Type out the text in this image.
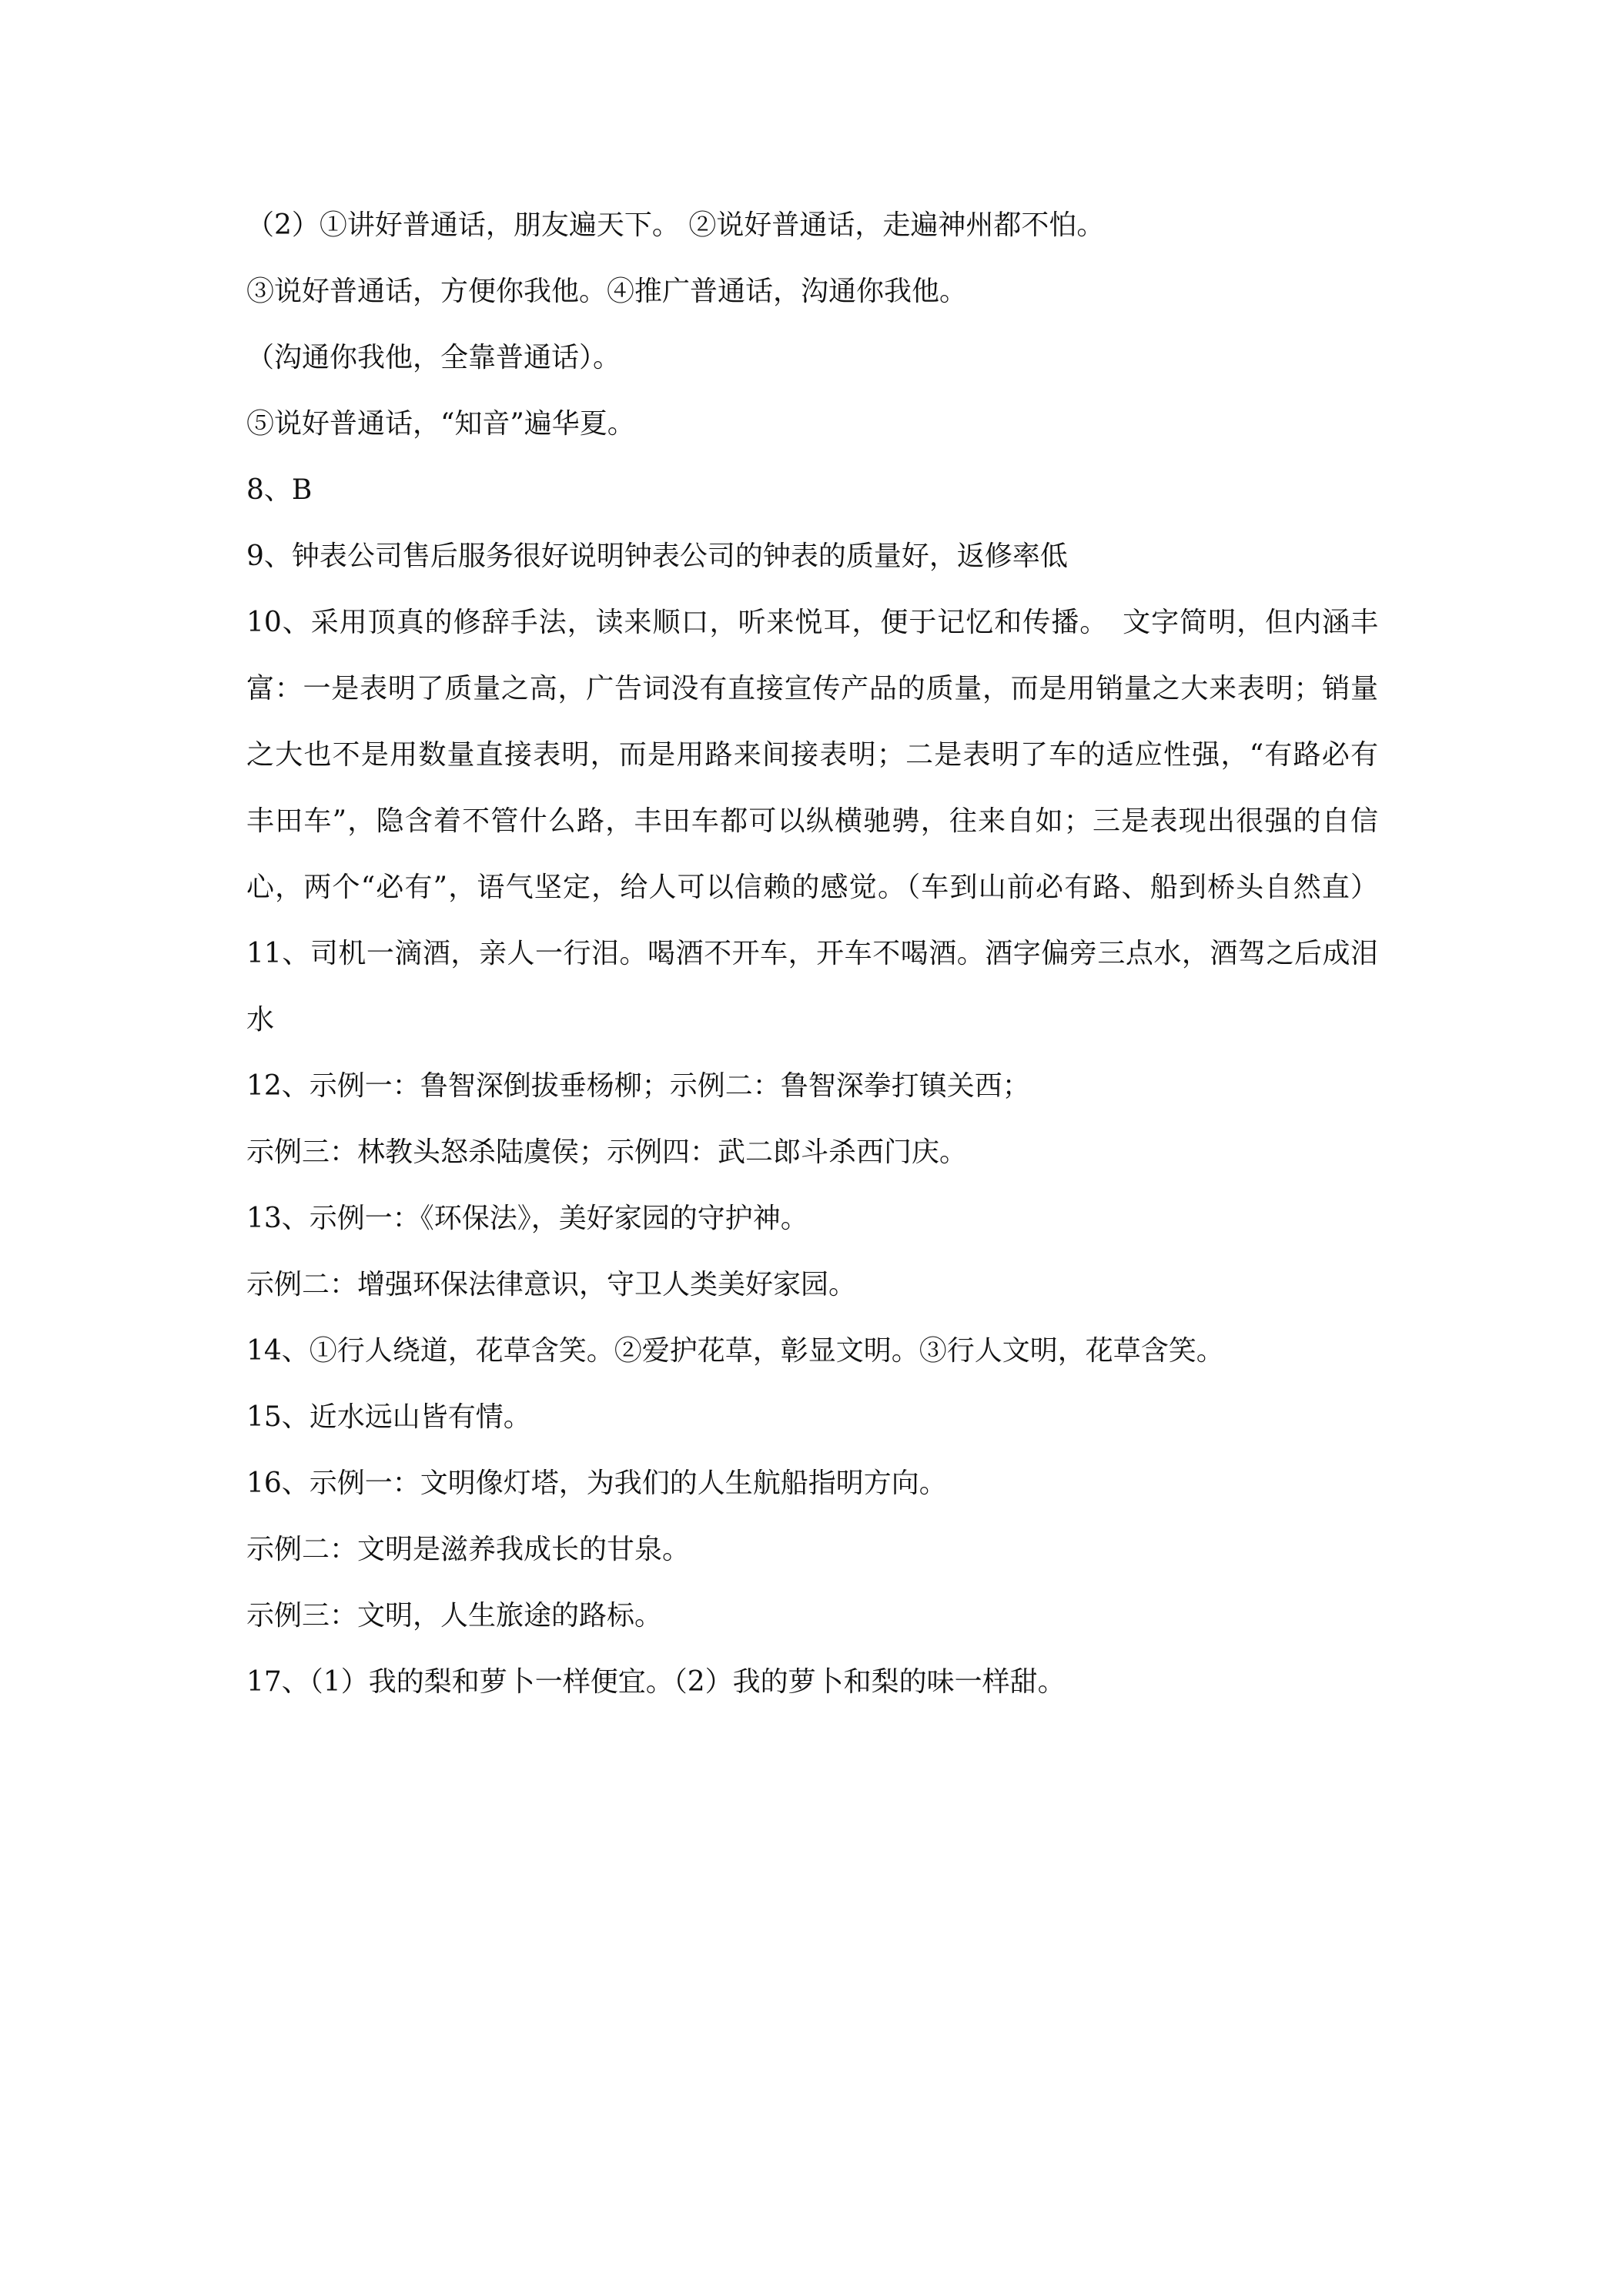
（2）①讲好普通话，朋友遍天下。 ②说好普通话，走遍神州都不怕。
③说好普通话，方便你我他。④推广普通话，沟通你我他。
（沟通你我他，全靠普通话）。
⑤说好普通话，“知音”遍华夏。
8、B
9、钟表公司售后服务很好说明钟表公司的钟表的质量好，返修率低
10、采用顶真的修辞手法，读来顺口，听来悦耳，便于记忆和传播。　文字简明，但内涵丰
富：一是表明了质量之高，广告词没有直接宣传产品的质量，而是用销量之大来表明；销量
之大也不是用数量直接表明，而是用路来间接表明；二是表明了车的适应性强，“有路必有
丰田车”，隐含着不管什么路，丰田车都可以纵横驰骋，往来自如；三是表现出很强的自信
心，两个“必有”，语气坚定，给人可以信赖的感觉。（车到山前必有路、船到桥头自然直）
11、司机一滴酒，亲人一行泪。喝酒不开车，开车不喝酒。酒字偏旁三点水，酒驾之后成泪
水
12、示例一：鲁智深倒拔垂杨柳；示例二：鲁智深拳打镇关西；
示例三：林教头怒杀陆虞侯；示例四：武二郎斗杀西门庆。
13、示例一：《环保法》，美好家园的守护神。
示例二：增强环保法律意识，守卫人类美好家园。
14、①行人绕道，花草含笑。②爱护花草，彰显文明。③行人文明，花草含笑。
15、近水远山皆有情。
16、示例一：文明像灯塔，为我们的人生航船指明方向。
示例二：文明是滋养我成长的甘泉。
示例三：文明，人生旅途的路标。
17、（1）我的梨和萝卜一样便宜。（2）我的萝卜和梨的味一样甜。
